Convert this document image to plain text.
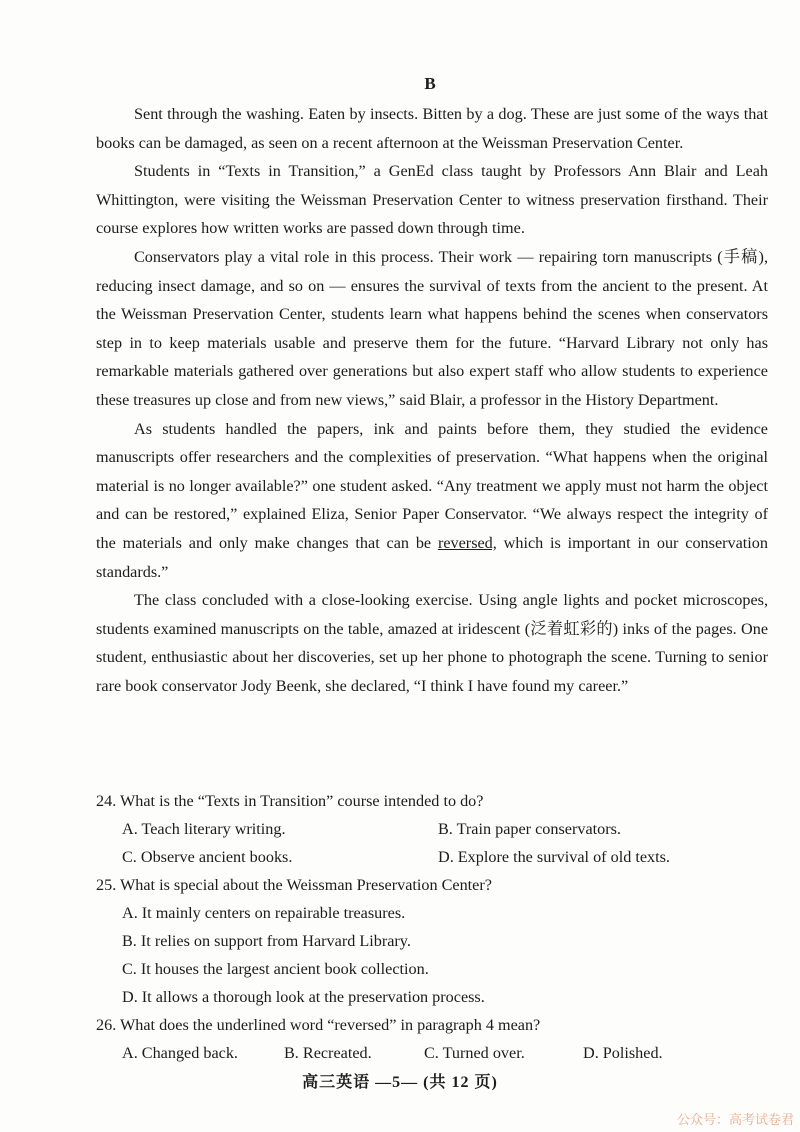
B

Sent through the washing. Eaten by insects. Bitten by a dog. These are just some of the ways that books can be damaged, as seen on a recent afternoon at the Weissman Preservation Center.

Students in “Texts in Transition,” a GenEd class taught by Professors Ann Blair and Leah Whittington, were visiting the Weissman Preservation Center to witness preservation firsthand. Their course explores how written works are passed down through time.

Conservators play a vital role in this process. Their work — repairing torn manuscripts (手稿), reducing insect damage, and so on — ensures the survival of texts from the ancient to the present. At the Weissman Preservation Center, students learn what happens behind the scenes when conservators step in to keep materials usable and preserve them for the future. “Harvard Library not only has remarkable materials gathered over generations but also expert staff who allow students to experience these treasures up close and from new views,” said Blair, a professor in the History Department.

As students handled the papers, ink and paints before them, they studied the evidence manuscripts offer researchers and the complexities of preservation. “What happens when the original material is no longer available?” one student asked. “Any treatment we apply must not harm the object and can be restored,” explained Eliza, Senior Paper Conservator. “We always respect the integrity of the materials and only make changes that can be reversed, which is important in our conservation standards.”

The class concluded with a close-looking exercise. Using angle lights and pocket microscopes, students examined manuscripts on the table, amazed at iridescent (泛着虹彩的) inks of the pages. One student, enthusiastic about her discoveries, set up her phone to photograph the scene. Turning to senior rare book conservator Jody Beenk, she declared, “I think I have found my career.”

24. What is the “Texts in Transition” course intended to do?
A. Teach literary writing.	B. Train paper conservators.
C. Observe ancient books.	D. Explore the survival of old texts.
25. What is special about the Weissman Preservation Center?
A. It mainly centers on repairable treasures.
B. It relies on support from Harvard Library.
C. It houses the largest ancient book collection.
D. It allows a thorough look at the preservation process.
26. What does the underlined word “reversed” in paragraph 4 mean?
A. Changed back.	B. Recreated.	C. Turned over.	D. Polished.
高三英语 —5— (共 12 页)
公众号：高考试卷君
